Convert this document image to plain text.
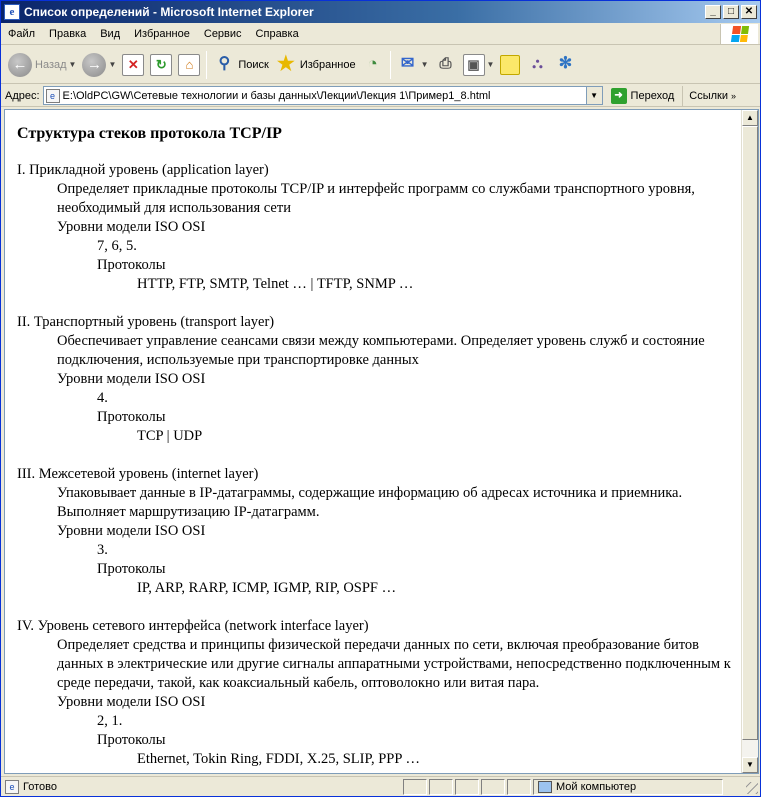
e Список определений - Microsoft Internet Explorer	_	□	✕
Файл	Правка	Вид	Избранное	Сервис	Справка
← Назад ▼ → ▼ ✕	↻	⌂	⚲ Поиск ★ Избранное ◔	✉ ▼ ⎙	▣ ▼	⛬	✻
Адрес:	e E:\OldPC\GW\Сетевые технологии и базы данных\Лекции\Лекция 1\Пример1_8.html	▼	➜ Переход	Ссылки »
Структура стеков протокола TCP/IP
I. Прикладной уровень (application layer)
Определяет прикладные протоколы TCP/IP и интерфейс программ со службами транспортного уровня, необходимый для использования сети
Уровни модели ISO OSI
7, 6, 5.
Протоколы
HTTP, FTP, SMTP, Telnet … | TFTP, SNMP …
II. Транспортный уровень (transport layer)
Обеспечивает управление сеансами связи между компьютерами. Определяет уровень служб и состояние подключения, используемые при транспортировке данных
Уровни модели ISO OSI
4.
Протоколы
TCP | UDP
III. Межсетевой уровень (internet layer)
Упаковывает данные в IP-датаграммы, содержащие информацию об адресах источника и приемника. Выполняет маршрутизацию IP-датаграмм.
Уровни модели ISO OSI
3.
Протоколы
IP, ARP, RARP, ICMP, IGMP, RIP, OSPF …
IV. Уровень сетевого интерфейса (network interface layer)
Определяет средства и принципы физической передачи данных по сети, включая преобразование битов данных в электрические или другие сигналы аппаратными устройствами, непосредственно подключенным к среде передачи, такой, как коаксиальный кабель, оптоволокно или витая пара.
Уровни модели ISO OSI
2, 1.
Протоколы
Ethernet, Tokin Ring, FDDI, X.25, SLIP, PPP …
▲
▼
e Готово	Мой компьютер
